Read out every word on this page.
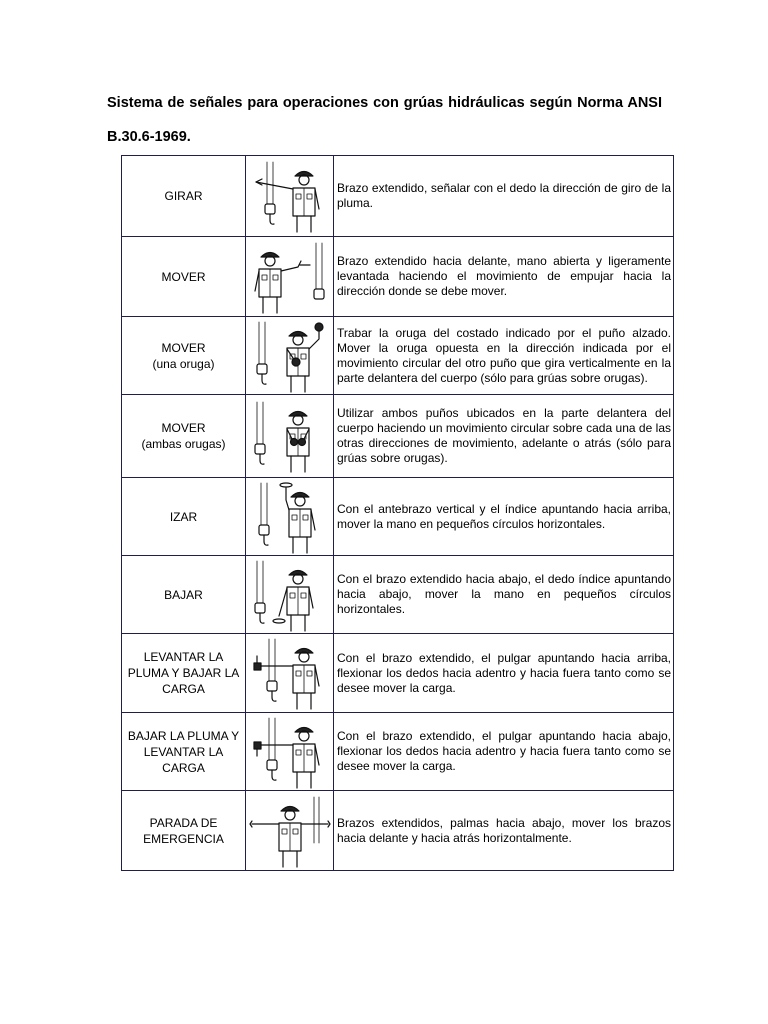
Sistema de señales para operaciones con grúas hidráulicas según Norma ANSI B.30.6-1969.
GIRAR		Brazo extendido, señalar con el dedo la dirección de giro de la pluma.

MOVER		Brazo extendido hacia delante, mano abierta y ligeramente levantada haciendo el movimiento de empujar hacia la dirección donde se debe mover.

MOVER
(una oruga)		Trabar la oruga del costado indicado por el puño alzado. Mover la oruga opuesta en la dirección indicada por el movimiento circular del otro puño que gira verticalmente en la parte delantera del cuerpo (sólo para grúas sobre orugas).

MOVER
(ambas orugas)		Utilizar ambos puños ubicados en la parte delantera del cuerpo haciendo un movimiento circular sobre cada una de las otras direcciones de movimiento, adelante o atrás (sólo para grúas sobre orugas).

IZAR		Con el antebrazo vertical y el índice apuntando hacia arriba, mover la mano en pequeños círculos horizontales.

BAJAR		Con el brazo extendido hacia abajo, el dedo índice apuntando hacia abajo, mover la mano en pequeños círculos horizontales.

LEVANTAR LA PLUMA Y BAJAR LA CARGA		Con el brazo extendido, el pulgar apuntando hacia arriba, flexionar los dedos hacia adentro y hacia fuera tanto como se desee mover la carga.

BAJAR LA PLUMA Y LEVANTAR LA CARGA		Con el brazo extendido, el pulgar apuntando hacia abajo, flexionar los dedos hacia adentro y hacia fuera tanto como se desee mover la carga.

PARADA DE EMERGENCIA		Brazos extendidos, palmas hacia abajo, mover los brazos hacia delante y hacia atrás horizontalmente.
